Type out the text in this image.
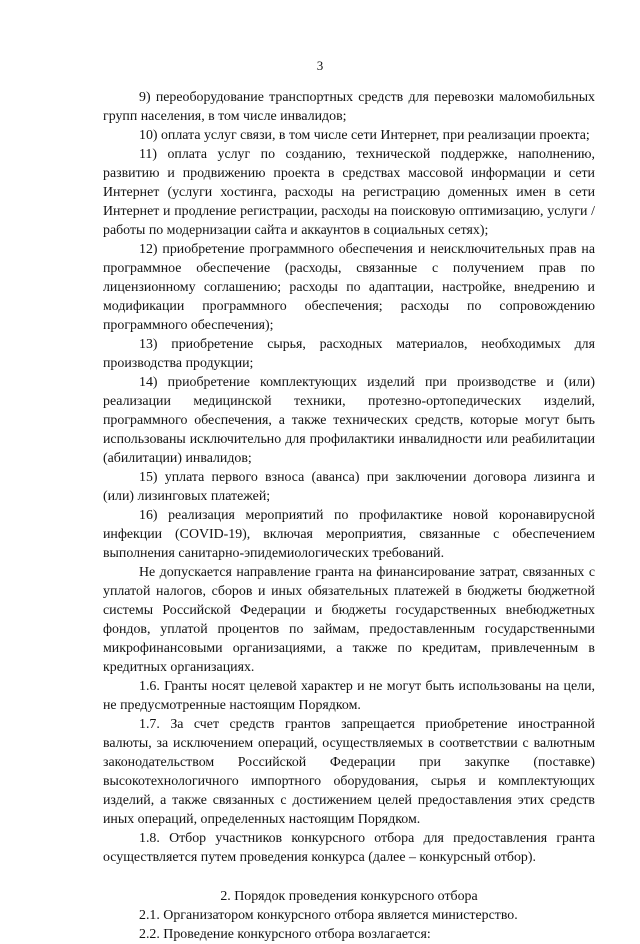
3

9) переоборудование транспортных средств для перевозки маломобильных групп населения, в том числе инвалидов;

10) оплата услуг связи, в том числе сети Интернет, при реализации проекта;

11) оплата услуг по созданию, технической поддержке, наполнению, развитию и продвижению проекта в средствах массовой информации и сети Интернет (услуги хостинга, расходы на регистрацию доменных имен в сети Интернет и продление регистрации, расходы на поисковую оптимизацию, услуги / работы по модернизации сайта и аккаунтов в социальных сетях);

12) приобретение программного обеспечения и неисключительных прав на программное обеспечение (расходы, связанные с получением прав по лицензионному соглашению; расходы по адаптации, настройке, внедрению и модификации программного обеспечения; расходы по сопровождению программного обеспечения);

13) приобретение сырья, расходных материалов, необходимых для производства продукции;

14) приобретение комплектующих изделий при производстве и (или) реализации медицинской техники, протезно-ортопедических изделий, программного обеспечения, а также технических средств, которые могут быть использованы исключительно для профилактики инвалидности или реабилитации (абилитации) инвалидов;

15) уплата первого взноса (аванса) при заключении договора лизинга и (или) лизинговых платежей;

16) реализация мероприятий по профилактике новой коронавирусной инфекции (COVID-19), включая мероприятия, связанные с обеспечением выполнения санитарно-эпидемиологических требований.

Не допускается направление гранта на финансирование затрат, связанных с уплатой налогов, сборов и иных обязательных платежей в бюджеты бюджетной системы Российской Федерации и бюджеты государственных внебюджетных фондов, уплатой процентов по займам, предоставленным государственными микрофинансовыми организациями, а также по кредитам, привлеченным в кредитных организациях.

1.6. Гранты носят целевой характер и не могут быть использованы на цели, не предусмотренные настоящим Порядком.

1.7. За счет средств грантов запрещается приобретение иностранной валюты, за исключением операций, осуществляемых в соответствии с валютным законодательством Российской Федерации при закупке (поставке) высокотехнологичного импортного оборудования, сырья и комплектующих изделий, а также связанных с достижением целей предоставления этих средств иных операций, определенных настоящим Порядком.

1.8. Отбор участников конкурсного отбора для предоставления гранта осуществляется путем проведения конкурса (далее – конкурсный отбор).

2. Порядок проведения конкурсного отбора

2.1. Организатором конкурсного отбора является министерство.

2.2. Проведение конкурсного отбора возлагается:
